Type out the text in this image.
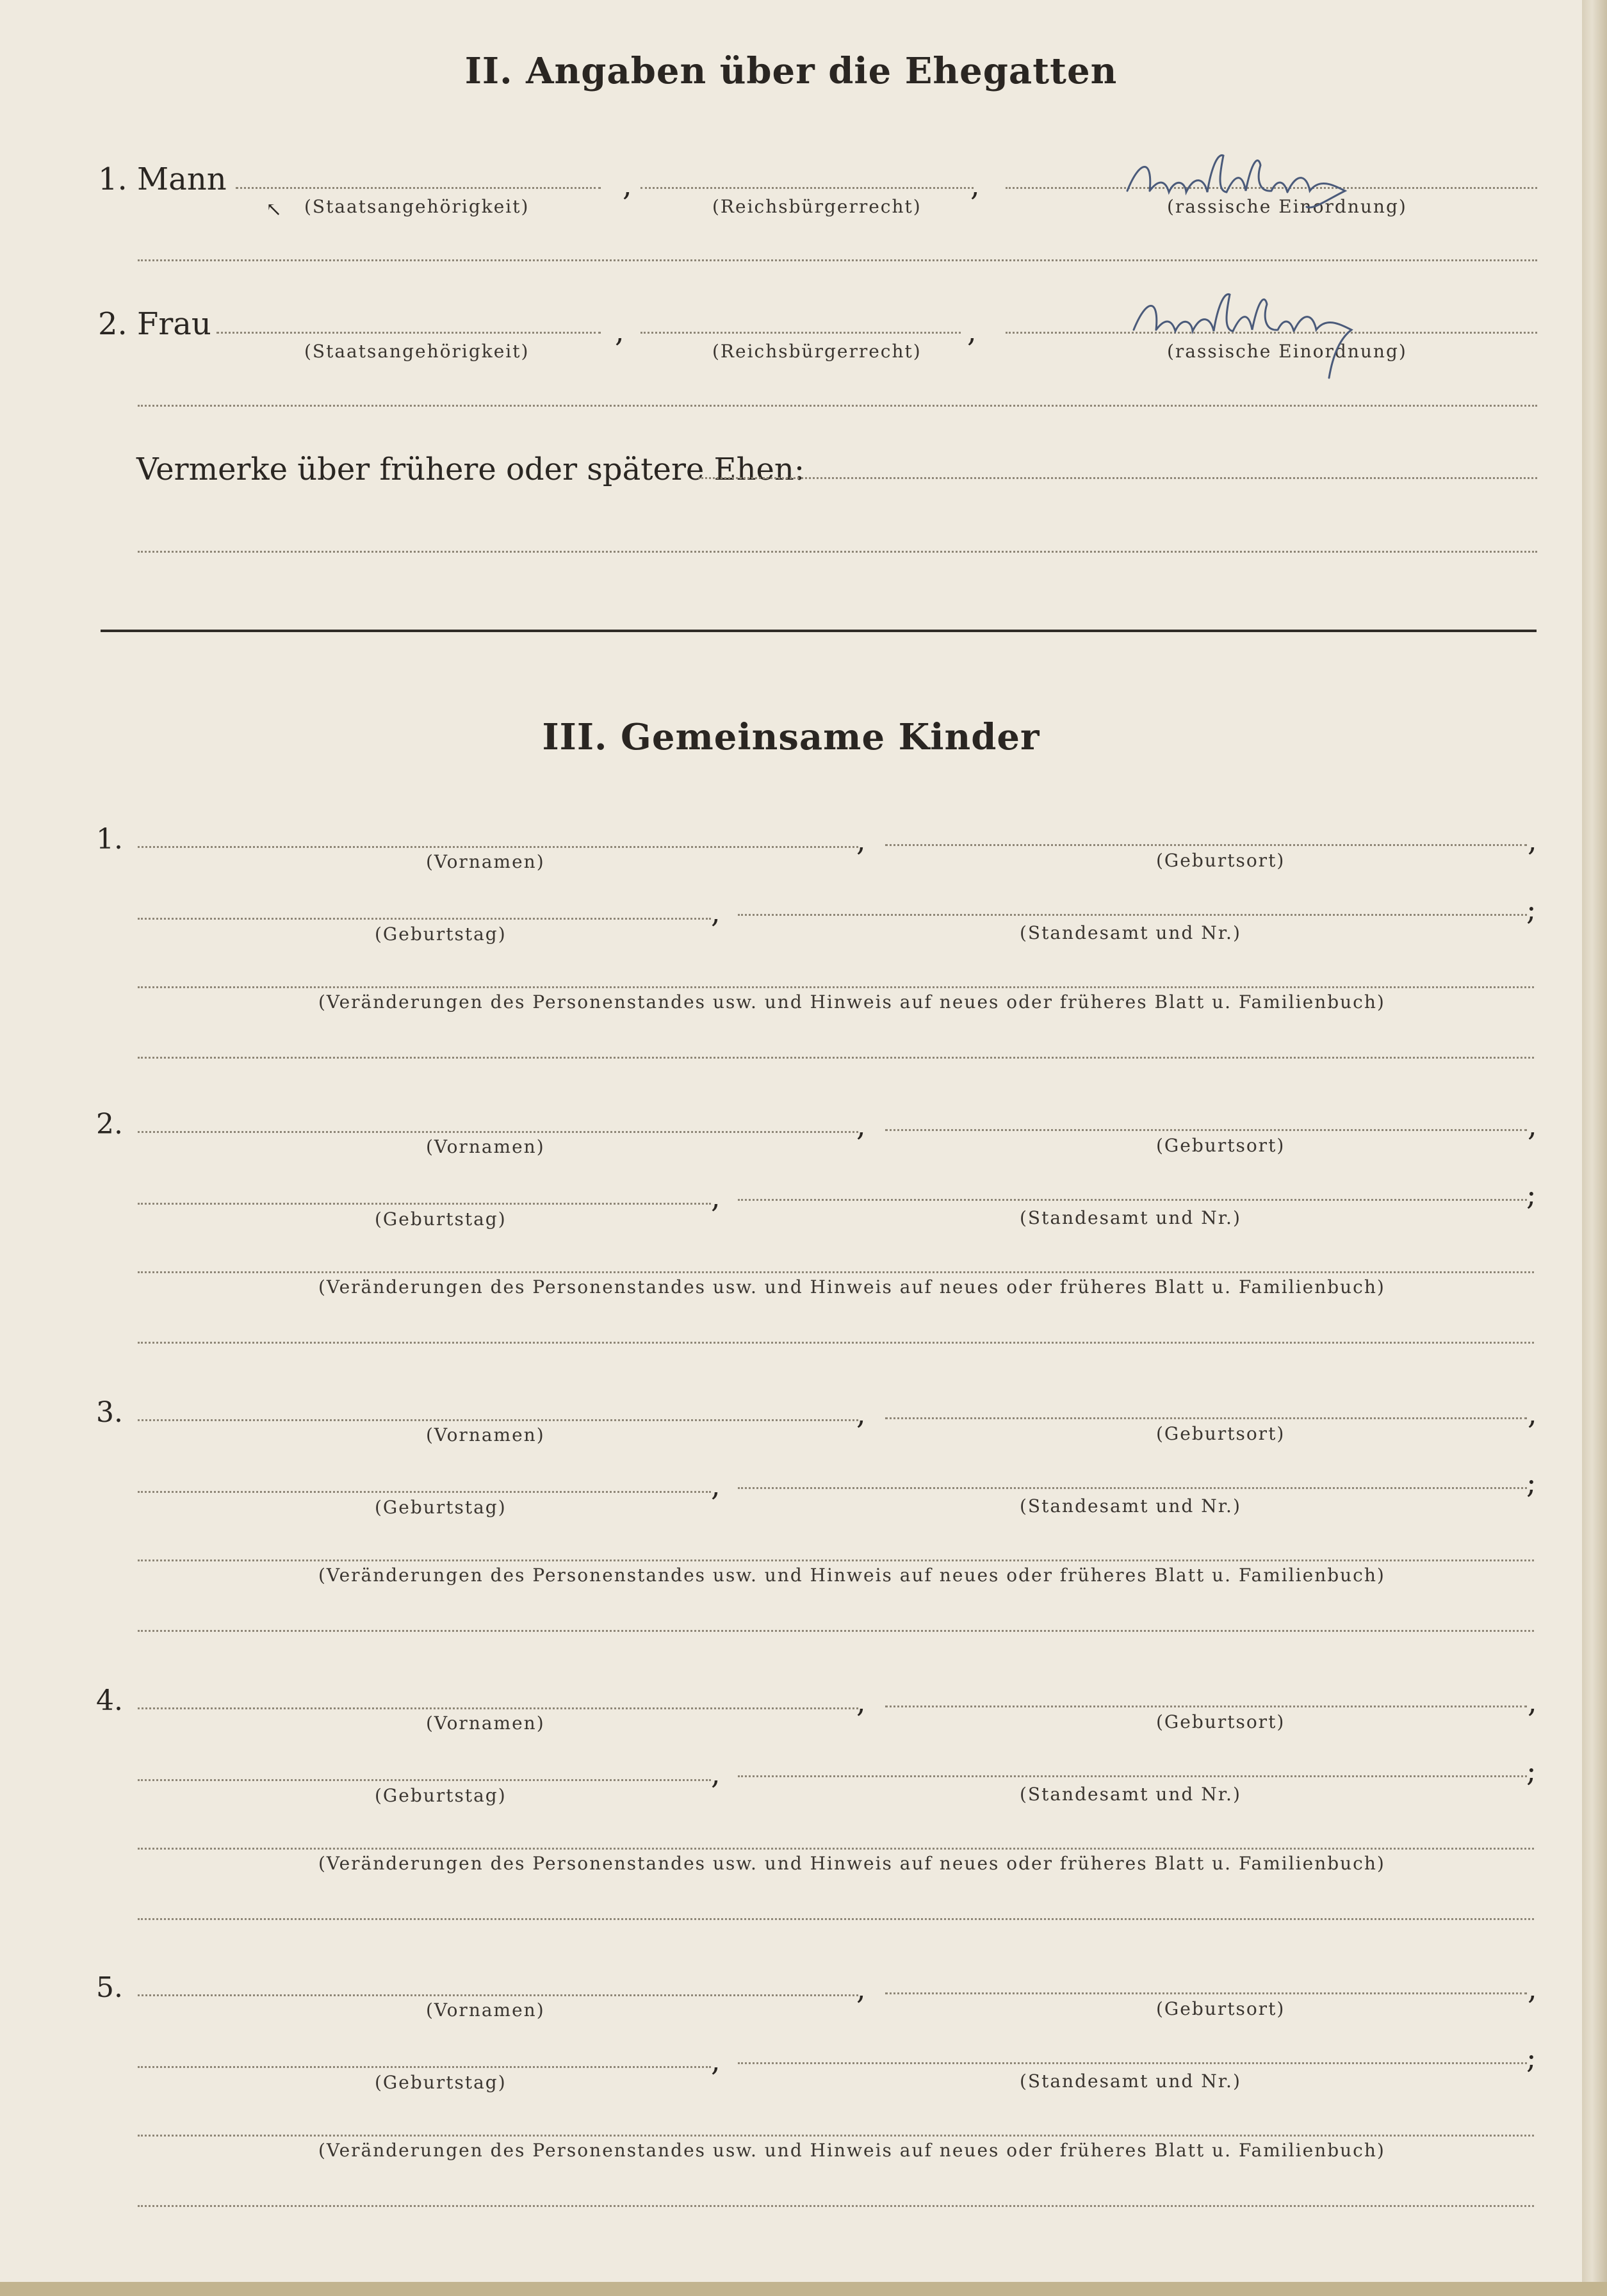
II. Angaben über die Ehegatten
1. Mann	,	,
(Staatsangehörigkeit)	(Reichsbürgerrecht)	(rassische Einordnung)
↖
2. Frau	,	,
(Staatsangehörigkeit)	(Reichsbürgerrecht)	(rassische Einordnung)
Vermerke über frühere oder spätere Ehen:
III. Gemeinsame Kinder
1.	,	,
(Vornamen)	(Geburtsort)
,	;
(Geburtstag)	(Standesamt und Nr.)
(Veränderungen des Personenstandes usw. und Hinweis auf neues oder früheres Blatt u. Familienbuch)
2.	,	,
(Vornamen)	(Geburtsort)
,	;
(Geburtstag)	(Standesamt und Nr.)
(Veränderungen des Personenstandes usw. und Hinweis auf neues oder früheres Blatt u. Familienbuch)
3.	,	,
(Vornamen)	(Geburtsort)
,	;
(Geburtstag)	(Standesamt und Nr.)
(Veränderungen des Personenstandes usw. und Hinweis auf neues oder früheres Blatt u. Familienbuch)
4.	,	,
(Vornamen)	(Geburtsort)
,	;
(Geburtstag)	(Standesamt und Nr.)
(Veränderungen des Personenstandes usw. und Hinweis auf neues oder früheres Blatt u. Familienbuch)
5.	,	,
(Vornamen)	(Geburtsort)
,	;
(Geburtstag)	(Standesamt und Nr.)
(Veränderungen des Personenstandes usw. und Hinweis auf neues oder früheres Blatt u. Familienbuch)
